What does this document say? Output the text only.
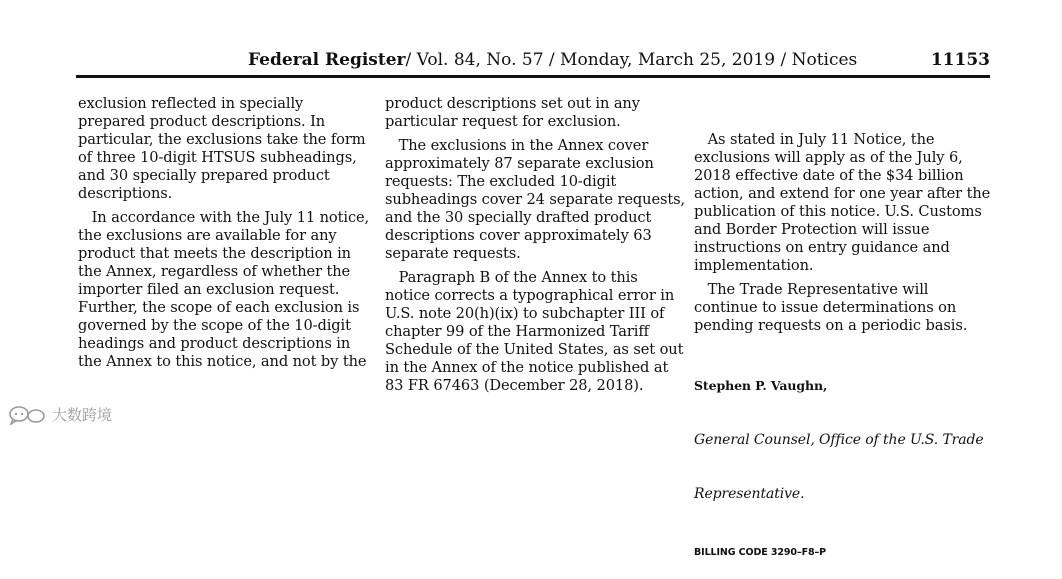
Federal Register/ Vol. 84, No. 57 / Monday, March 25, 2019 / Notices	11153
exclusion reflected in specially
prepared product descriptions. In
particular, the exclusions take the form
of three 10-digit HTSUS subheadings,
and 30 specially prepared product
descriptions.
In accordance with the July 11 notice,
the exclusions are available for any
product that meets the description in
the Annex, regardless of whether the
importer filed an exclusion request.
Further, the scope of each exclusion is
governed by the scope of the 10-digit
headings and product descriptions in
the Annex to this notice, and not by the
product descriptions set out in any
particular request for exclusion.
The exclusions in the Annex cover
approximately 87 separate exclusion
requests: The excluded 10-digit
subheadings cover 24 separate requests,
and the 30 specially drafted product
descriptions cover approximately 63
separate requests.
Paragraph B of the Annex to this
notice corrects a typographical error in
U.S. note 20(h)(ix) to subchapter III of
chapter 99 of the Harmonized Tariff
Schedule of the United States, as set out
in the Annex of the notice published at
83 FR 67463 (December 28, 2018).

As stated in July 11 Notice, the
exclusions will apply as of the July 6,
2018 effective date of the $34 billion
action, and extend for one year after the
publication of this notice. U.S. Customs
and Border Protection will issue
instructions on entry guidance and
implementation.
The Trade Representative will
continue to issue determinations on
pending requests on a periodic basis.

Stephen P. Vaughn,

General Counsel, Office of the U.S. Trade

Representative.

BILLING CODE 3290–F8–P

大数跨境
